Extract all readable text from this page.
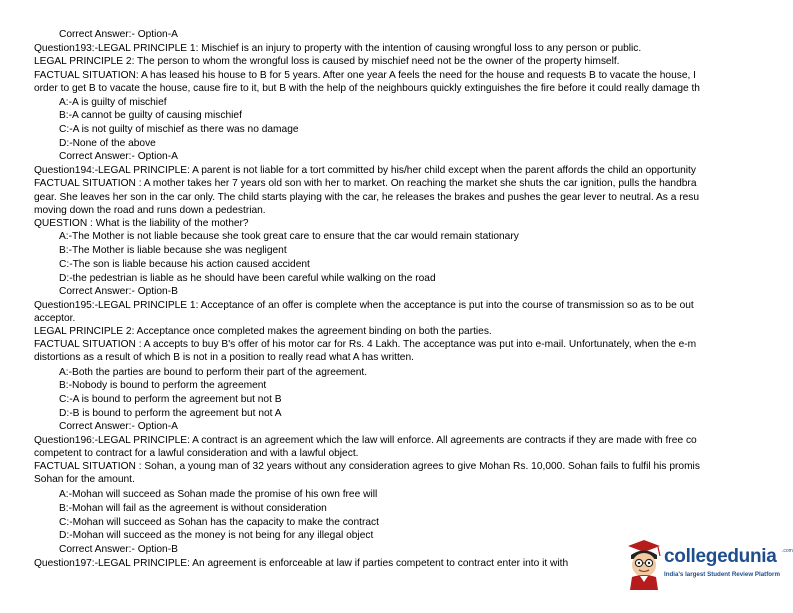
Correct Answer:- Option-A
Question193:-LEGAL PRINCIPLE 1: Mischief is an injury to property with the intention of causing wrongful loss to any person or public.
LEGAL PRINCIPLE 2: The person to whom the wrongful loss is caused by mischief need not be the owner of the property himself.
FACTUAL SITUATION: A has leased his house to B for 5 years. After one year A feels the need for the house and requests B to vacate the house, I
order to get B to vacate the house, cause fire to it, but B with the help of the neighbours quickly extinguishes the fire before it could really damage th
A:-A is guilty of mischief
B:-A cannot be guilty of causing mischief
C:-A is not guilty of mischief as there was no damage
D:-None of the above
Correct Answer:- Option-A
Question194:-LEGAL PRINCIPLE: A parent is not liable for a tort committed by his/her child except when the parent affords the child an opportunity
FACTUAL SITUATION : A mother takes her 7 years old son with her to market. On reaching the market she shuts the car ignition, pulls the handbra
gear. She leaves her son in the car only. The child starts playing with the car, he releases the brakes and pushes the gear lever to neutral. As a resu
moving down the road and runs down a pedestrian.
QUESTION : What is the liability of the mother?
A:-The Mother is not liable because she took great care to ensure that the car would remain stationary
B:-The Mother is liable because she was negligent
C:-The son is liable because his action caused accident
D:-the pedestrian is liable as he should have been careful while walking on the road
Correct Answer:- Option-B
Question195:-LEGAL PRINCIPLE 1: Acceptance of an offer is complete when the acceptance is put into the course of transmission so as to be out
acceptor.
LEGAL PRINCIPLE 2: Acceptance once completed makes the agreement binding on both the parties.
FACTUAL SITUATION : A accepts to buy B's offer of his motor car for Rs. 4 Lakh. The acceptance was put into e-mail. Unfortunately, when the e-m
distortions as a result of which B is not in a position to really read what A has written.
A:-Both the parties are bound to perform their part of the agreement.
B:-Nobody is bound to perform the agreement
C:-A is bound to perform the agreement but not B
D:-B is bound to perform the agreement but not A
Correct Answer:- Option-A
Question196:-LEGAL PRINCIPLE: A contract is an agreement which the law will enforce. All agreements are contracts if they are made with free co
competent to contract for a lawful consideration and with a lawful object.
FACTUAL SITUATION : Sohan, a young man of 32 years without any consideration agrees to give Mohan Rs. 10,000. Sohan fails to fulfil his promis
Sohan for the amount.
A:-Mohan will succeed as Sohan made the promise of his own free will
B:-Mohan will fail as the agreement is without consideration
C:-Mohan will succeed as Sohan has the capacity to make the contract
D:-Mohan will succeed as the money is not being for any illegal object
Correct Answer:- Option-B
Question197:-LEGAL PRINCIPLE: An agreement is enforceable at law if parties competent to contract enter into it with	collegedunia .com
India's largest Student Review Platform
